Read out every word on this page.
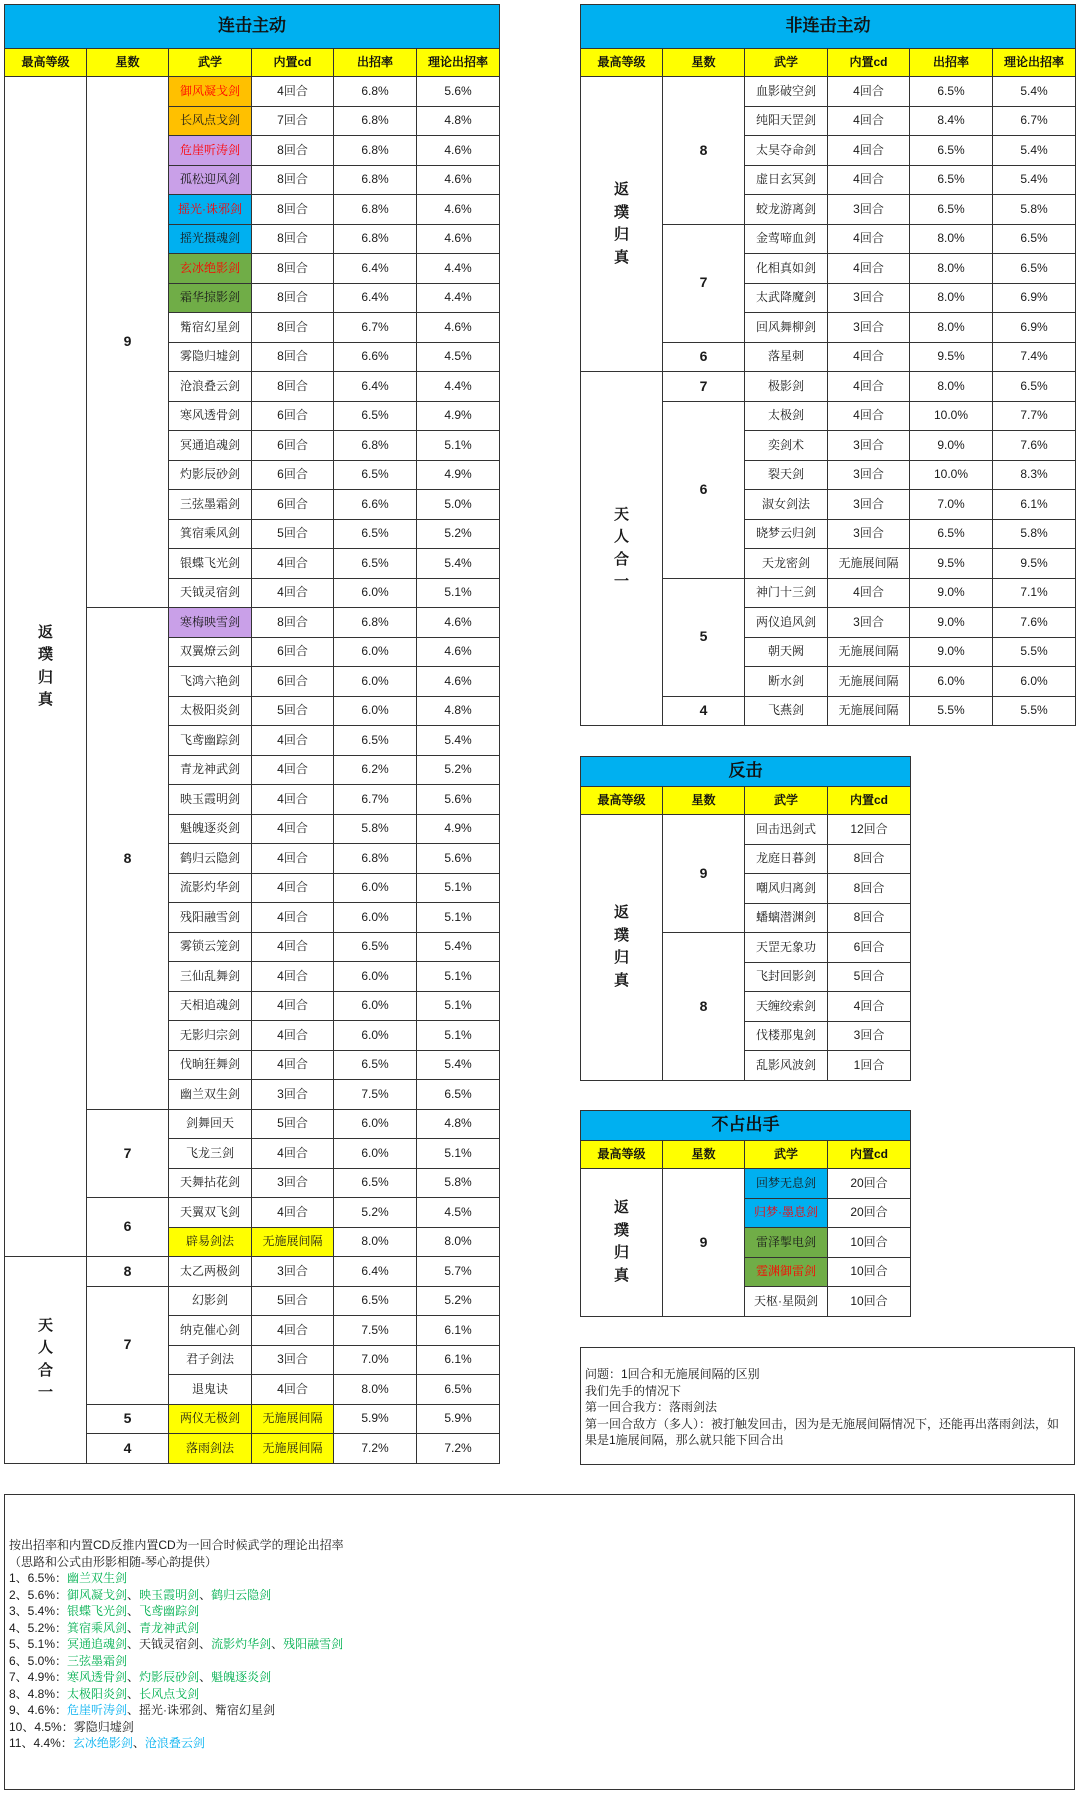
连击主动					
最高等级	星数	武学	内置cd	出招率	理论出招率
返璞归真	9	御风凝戈剑	4回合	6.8%	5.6%
		长风点戈剑	7回合	6.8%	4.8%
		危崖听涛剑	8回合	6.8%	4.6%
		孤松迎风剑	8回合	6.8%	4.6%
		摇光·诛邪剑	8回合	6.8%	4.6%
		摇光摄魂剑	8回合	6.8%	4.6%
		玄冰绝影剑	8回合	6.4%	4.4%
		霜华掠影剑	8回合	6.4%	4.4%
		觜宿幻星剑	8回合	6.7%	4.6%
		雾隐归墟剑	8回合	6.6%	4.5%
		沧浪叠云剑	8回合	6.4%	4.4%
		寒风透骨剑	6回合	6.5%	4.9%
		冥通追魂剑	6回合	6.8%	5.1%
		灼影辰砂剑	6回合	6.5%	4.9%
		三弦墨霜剑	6回合	6.6%	5.0%
		箕宿乘风剑	5回合	6.5%	5.2%
		银蝶飞光剑	4回合	6.5%	5.4%
		天钺灵宿剑	4回合	6.0%	5.1%
	8	寒梅映雪剑	8回合	6.8%	4.6%
		双翼燎云剑	6回合	6.0%	4.6%
		飞鸿六艳剑	6回合	6.0%	4.6%
		太极阳炎剑	5回合	6.0%	4.8%
		飞鸢幽踪剑	4回合	6.5%	5.4%
		青龙神武剑	4回合	6.2%	5.2%
		映玉霞明剑	4回合	6.7%	5.6%
		魁魄逐炎剑	4回合	5.8%	4.9%
		鹤归云隐剑	4回合	6.8%	5.6%
		流影灼华剑	4回合	6.0%	5.1%
		残阳融雪剑	4回合	6.0%	5.1%
		雾锁云笼剑	4回合	6.5%	5.4%
		三仙乱舞剑	4回合	6.0%	5.1%
		天相追魂剑	4回合	6.0%	5.1%
		无影归宗剑	4回合	6.0%	5.1%
		伐晌狂舞剑	4回合	6.5%	5.4%
		幽兰双生剑	3回合	7.5%	6.5%
	7	剑舞回天	5回合	6.0%	4.8%
		飞龙三剑	4回合	6.0%	5.1%
		天舞拈花剑	3回合	6.5%	5.8%
	6	天翼双飞剑	4回合	5.2%	4.5%
		辟易剑法	无施展间隔	8.0%	8.0%
天人合一	8	太乙两极剑	3回合	6.4%	5.7%
	7	幻影剑	5回合	6.5%	5.2%
		纳克催心剑	4回合	7.5%	6.1%
		君子剑法	3回合	7.0%	6.1%
		退鬼诀	4回合	8.0%	6.5%
	5	两仪无极剑	无施展间隔	5.9%	5.9%
	4	落雨剑法	无施展间隔	7.2%	7.2%
非连击主动					
最高等级	星数	武学	内置cd	出招率	理论出招率
返璞归真	8	血影破空剑	4回合	6.5%	5.4%
		纯阳天罡剑	4回合	8.4%	6.7%
		太昊夺命剑	4回合	6.5%	5.4%
		虚日玄冥剑	4回合	6.5%	5.4%
		蛟龙游离剑	3回合	6.5%	5.8%
	7	金莺啼血剑	4回合	8.0%	6.5%
		化相真如剑	4回合	8.0%	6.5%
		太武降魔剑	3回合	8.0%	6.9%
		回风舞柳剑	3回合	8.0%	6.9%
	6	落星刺	4回合	9.5%	7.4%
天人合一	7	极影剑	4回合	8.0%	6.5%
	6	太极剑	4回合	10.0%	7.7%
		奕剑术	3回合	9.0%	7.6%
		裂天剑	3回合	10.0%	8.3%
		淑女剑法	3回合	7.0%	6.1%
		晓梦云归剑	3回合	6.5%	5.8%
		天龙密剑	无施展间隔	9.5%	9.5%
	5	神门十三剑	4回合	9.0%	7.1%
		两仪追风剑	3回合	9.0%	7.6%
		朝天阙	无施展间隔	9.0%	5.5%
		断水剑	无施展间隔	6.0%	6.0%
	4	飞燕剑	无施展间隔	5.5%	5.5%
反击			
最高等级	星数	武学	内置cd
返璞归真	9	回击迅剑式	12回合
		龙庭日暮剑	8回合
		嘲风归离剑	8回合
		蟠螭潜渊剑	8回合
	8	天罡无象功	6回合
		飞封回影剑	5回合
		天缠绞索剑	4回合
		伐楼那鬼剑	3回合
		乱影风波剑	1回合
不占出手			
最高等级	星数	武学	内置cd
返璞归真	9	回梦无息剑	20回合
		归梦·墨息剑	20回合
		雷泽掣电剑	10回合
		霆渊御雷剑	10回合
		天枢·星陨剑	10回合

问题：1回合和无施展间隔的区别

我们先手的情况下

第一回合我方：落雨剑法

第一回合敌方（多人）：被打触发回击，因为是无施展间隔情况下，还能再出落雨剑法，如果是1施展间隔，那么就只能下回合出

按出招率和内置CD反推内置CD为一回合时候武学的理论出招率

（思路和公式由形影相随-琴心韵提供）

1、6.5%：幽兰双生剑

2、5.6%：御风凝戈剑、映玉霞明剑、鹤归云隐剑

3、5.4%：银蝶飞光剑、飞鸢幽踪剑

4、5.2%：箕宿乘风剑、青龙神武剑

5、5.1%：冥通追魂剑、天钺灵宿剑、流影灼华剑、残阳融雪剑

6、5.0%：三弦墨霜剑

7、4.9%：寒风透骨剑、灼影辰砂剑、魁魄逐炎剑

8、4.8%：太极阳炎剑、长风点戈剑

9、4.6%：危崖听涛剑、摇光·诛邪剑、觜宿幻星剑

10、4.5%：雾隐归墟剑

11、4.4%：玄冰绝影剑、沧浪叠云剑
